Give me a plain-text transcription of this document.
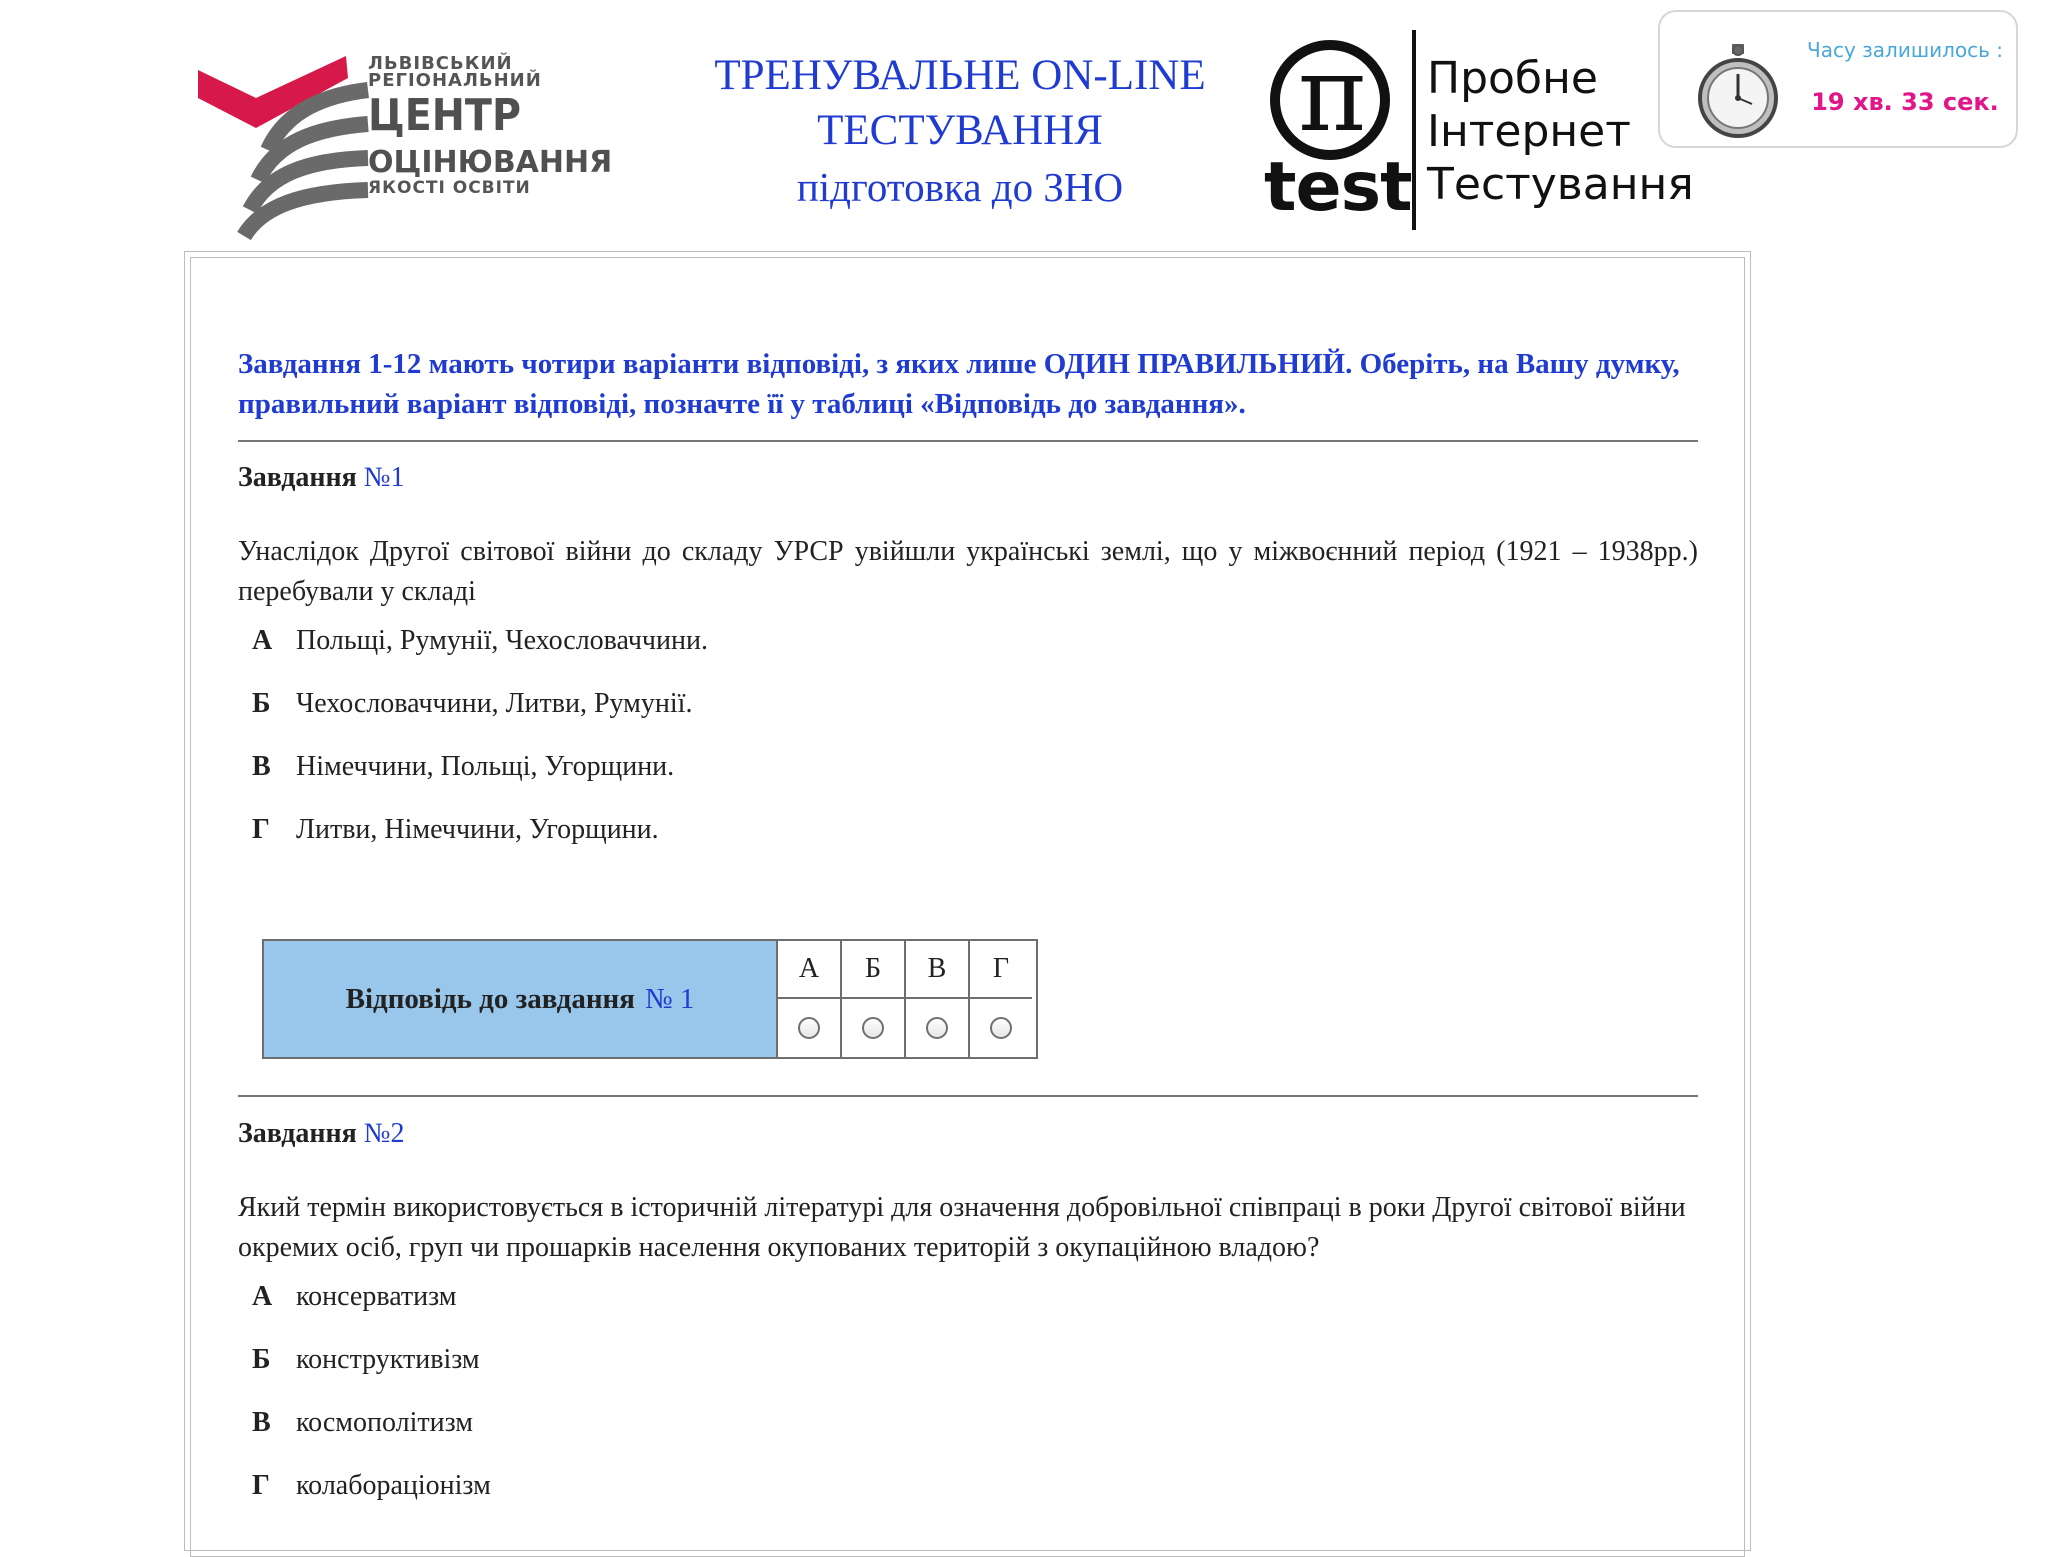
ЛЬВІВСЬКИЙ
РЕГІОНАЛЬНИЙ
ЦЕНТР
ОЦІНЮВАННЯ
ЯКОСТІ ОСВІТИ
ТРЕНУВАЛЬНЕ ON-LINE
ТЕСТУВАННЯ
підготовка до ЗНО
π
test
Пробне
Інтернет
Тестування
Часу залишилось :
19 хв. 33 сек.
Завдання 1-12 мають чотири варіанти відповіді, з яких лише ОДИН ПРАВИЛЬНИЙ. Оберіть, на Вашу думку, правильний варіант відповіді, позначте її у таблиці «Відповідь до завдання».
Завдання №1
Унаслідок Другої світової війни до складу УРСР увійшли українські землі, що у міжвоєнний період (1921 – 1938рр.) перебували у складі
А Польщі, Румунії, Чехословаччини.
Б Чехословаччини, Литви, Румунії.
В Німеччини, Польщі, Угорщини.
Г Литви, Німеччини, Угорщини.
Відповідь до завдання № 1
А	Б	В	Г
Завдання №2
Який термін використовується в історичній літературі для означення добровільної співпраці в роки Другої світової війни окремих осіб, груп чи прошарків населення окупованих територій з окупаційною владою?
А консерватизм
Б конструктивізм
В космополітизм
Г колабораціонізм
